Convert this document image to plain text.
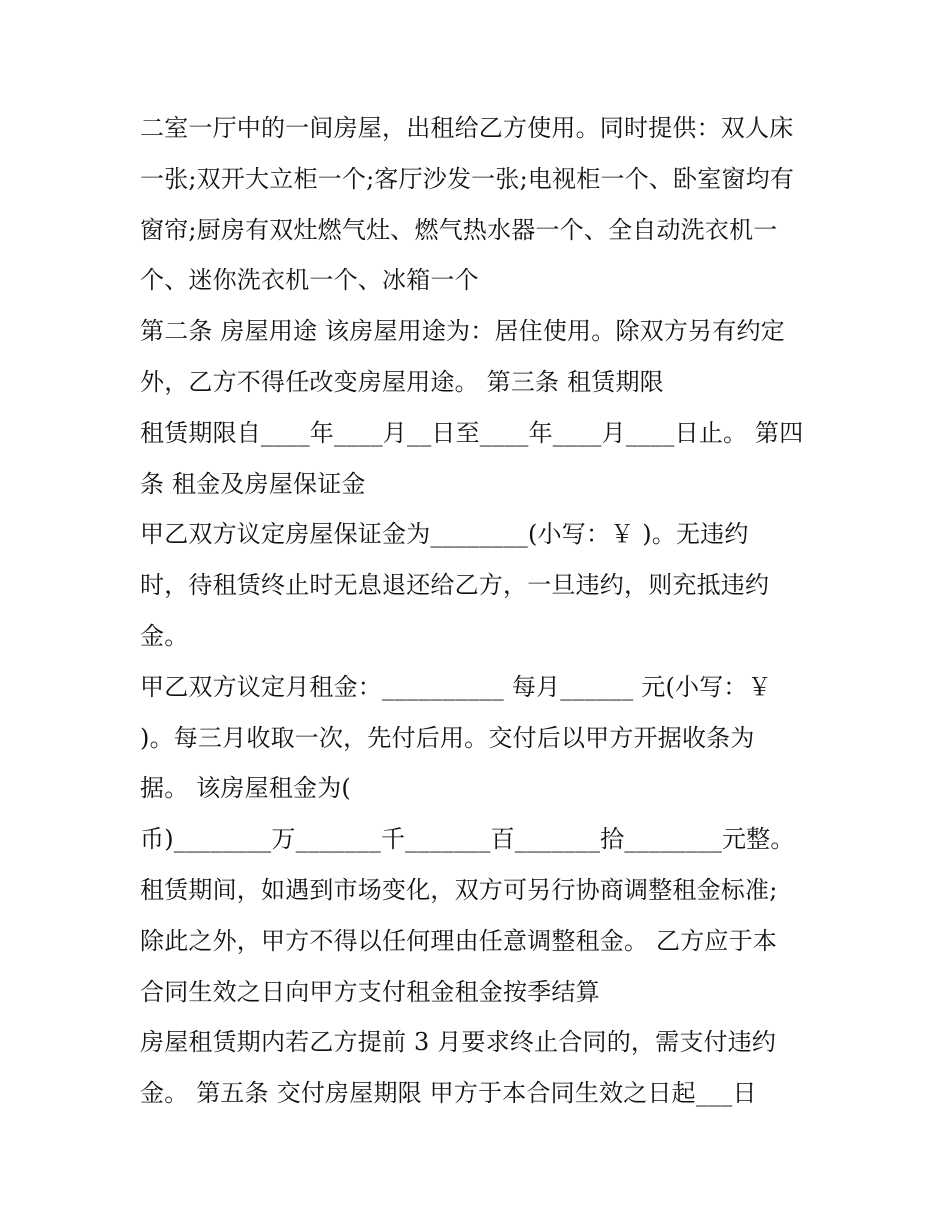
二室一厅中的一间房屋，出租给乙方使用。同时提供：双人床
一张;双开大立柜一个;客厅沙发一张;电视柜一个、卧室窗均有
窗帘;厨房有双灶燃气灶、燃气热水器一个、全自动洗衣机一
个、迷你洗衣机一个、冰箱一个
第二条 房屋用途 该房屋用途为：居住使用。除双方另有约定
外，乙方不得任改变房屋用途。 第三条 租赁期限
租赁期限自____年____月__日至____年____月____日止。 第四
条 租金及房屋保证金
甲乙双方议定房屋保证金为________(小写：￥ )。无违约
时，待租赁终止时无息退还给乙方，一旦违约，则充抵违约
金。
甲乙双方议定月租金：__________ 每月______ 元(小写：￥
)。每三月收取一次，先付后用。交付后以甲方开据收条为
据。 该房屋租金为(
币)________万_______千_______百_______拾________元整。
租赁期间，如遇到市场变化，双方可另行协商调整租金标准;
除此之外，甲方不得以任何理由任意调整租金。 乙方应于本
合同生效之日向甲方支付租金租金按季结算
房屋租赁期内若乙方提前 3 月要求终止合同的，需支付违约
金。 第五条 交付房屋期限 甲方于本合同生效之日起___日
